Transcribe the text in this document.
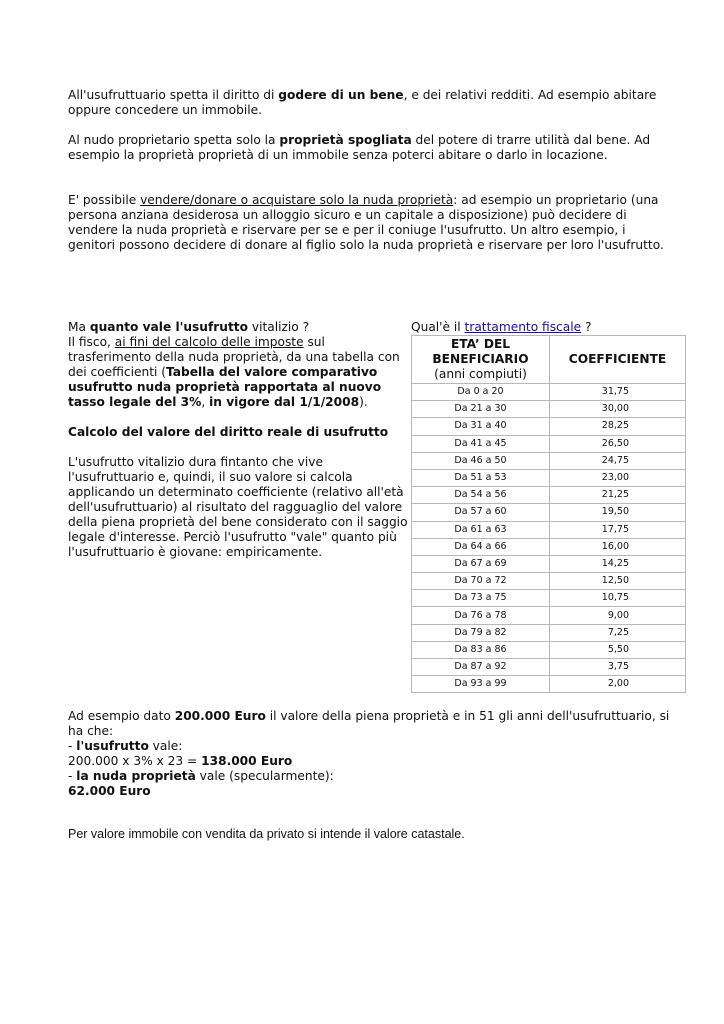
All'usufruttuario spetta il diritto di godere di un bene, e dei relativi redditi. Ad esempio abitare oppure concedere un immobile.

Al nudo proprietario spetta solo la proprietà spogliata del potere di trarre utilità dal bene. Ad esempio la proprietà proprietà di un immobile senza poterci abitare o darlo in locazione.

E' possibile vendere/donare o acquistare solo la nuda proprietà: ad esempio un proprietario (una persona anziana desiderosa un alloggio sicuro e un capitale a disposizione) può decidere di vendere la nuda proprietà e riservare per se e per il coniuge l'usufrutto. Un altro esempio, i genitori possono decidere di donare al figlio solo la nuda proprietà e riservare per loro l'usufrutto.

Ma quanto vale l'usufrutto vitalizio ?

Il fisco, ai fini del calcolo delle imposte sul trasferimento della nuda proprietà, da una tabella con dei coefficienti (Tabella del valore comparativo usufrutto nuda proprietà rapportata al nuovo tasso legale del 3%, in vigore dal 1/1/2008).

Calcolo del valore del diritto reale di usufrutto

L'usufrutto vitalizio dura fintanto che vive l'usufruttuario e, quindi, il suo valore si calcola applicando un determinato coefficiente (relativo all'età dell'usufruttuario) al risultato del ragguaglio del valore della piena proprietà del bene considerato con il saggio legale d'interesse. Perciò l'usufrutto "vale" quanto più l'usufruttuario è giovane: empiricamente.

Qual'è il trattamento fiscale ?
ETA’ DEL BENEFICIARIO
(anni compiuti)	COEFFICIENTE
Da 0 a 20	31,75
Da 21 a 30	30,00
Da 31 a 40	28,25
Da 41 a 45	26,50
Da 46 a 50	24,75
Da 51 a 53	23,00
Da 54 a 56	21,25
Da 57 a 60	19,50
Da 61 a 63	17,75
Da 64 a 66	16,00
Da 67 a 69	14,25
Da 70 a 72	12,50
Da 73 a 75	10,75
Da 76 a 78	9,00
Da 79 a 82	7,25
Da 83 a 86	5,50
Da 87 a 92	3,75
Da 93 a 99	2,00

Ad esempio dato 200.000 Euro il valore della piena proprietà e in 51 gli anni dell'usufruttuario, si ha che:

- l'usufrutto vale:

200.000 x 3% x 23 = 138.000 Euro

- la nuda proprietà vale (specularmente):

62.000 Euro

Per valore immobile con vendita da privato si intende il valore catastale.
